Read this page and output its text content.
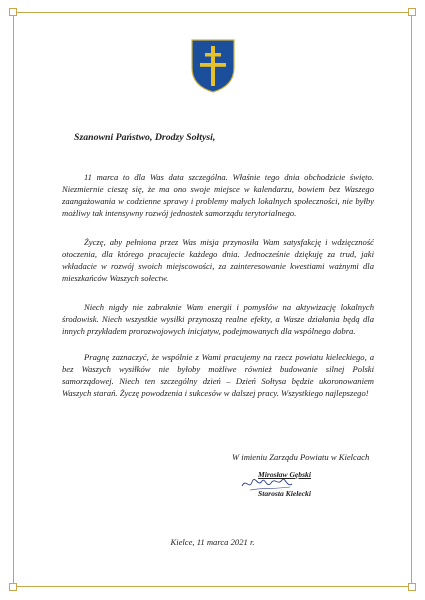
Szanowni Państwo, Drodzy Sołtysi,

11 marca to dla Was data szczególna. Właśnie tego dnia obchodzicie święto. Niezmiernie cieszę się, że ma ono swoje miejsce w kalendarzu, bowiem bez Waszego zaangażowania w codzienne sprawy i problemy małych lokalnych społeczności, nie byłby możliwy tak intensywny rozwój jednostek samorządu terytorialnego.

Życzę, aby pełniona przez Was misja przynosiła Wam satysfakcję i wdzięczność otoczenia, dla którego pracujecie każdego dnia. Jednocześnie dziękuję za trud, jaki wkładacie w rozwój swoich miejscowości, za zainteresowanie kwestiami ważnymi dla mieszkańców Waszych sołectw.

Niech nigdy nie zabraknie Wam energii i pomysłów na aktywizację lokalnych środowisk. Niech wszystkie wysiłki przynoszą realne efekty, a Wasze działania będą dla innych przykładem prorozwojowych inicjatyw, podejmowanych dla wspólnego dobra.

Pragnę zaznaczyć, że wspólnie z Wami pracujemy na rzecz powiatu kieleckiego, a bez Waszych wysiłków nie byłoby możliwe również budowanie silnej Polski samorządowej. Niech ten szczególny dzień – Dzień Sołtysa będzie ukoronowaniem Waszych starań. Życzę powodzenia i sukcesów w dalszej pracy. Wszystkiego najlepszego!

W imieniu Zarządu Powiatu w Kielcach
Mirosław Gębski
Starosta Kielecki
Kielce, 11 marca 2021 r.
